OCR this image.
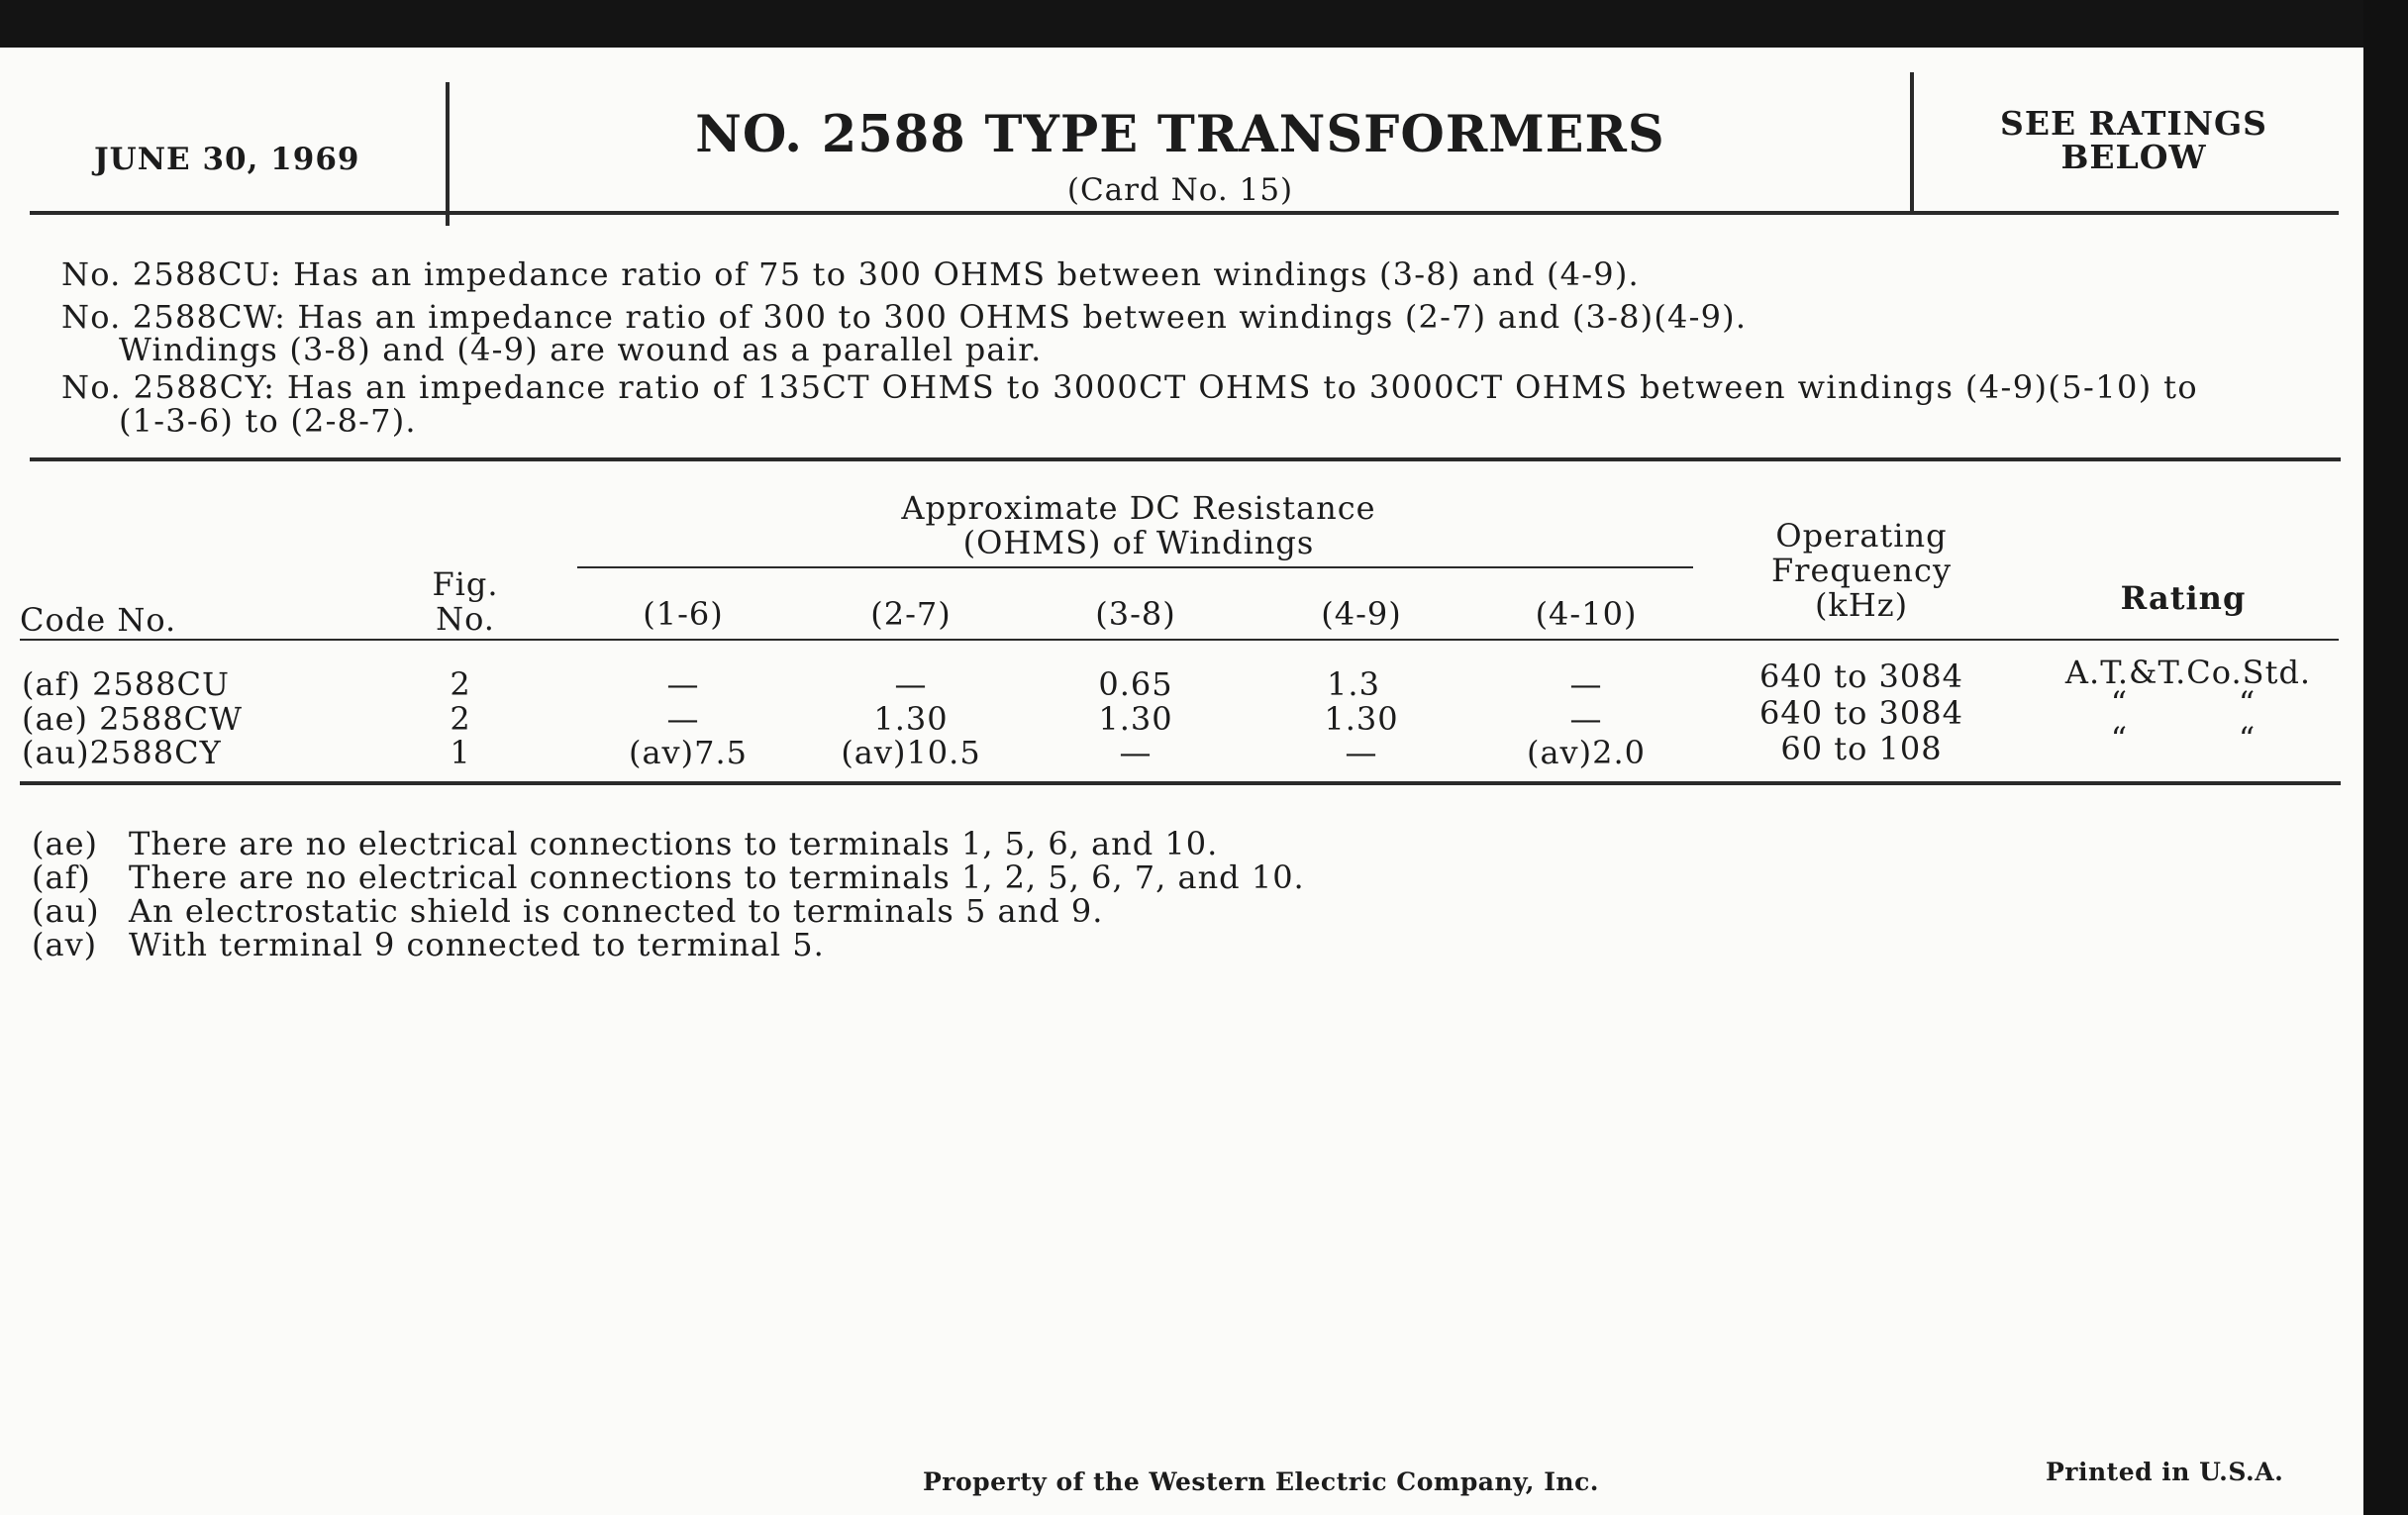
JUNE 30, 1969	NO. 2588 TYPE TRANSFORMERS
(Card No. 15)
SEE RATINGS
BELOW
No. 2588CU: Has an impedance ratio of 75 to 300 OHMS between windings (3-8) and (4-9).
No. 2588CW: Has an impedance ratio of 300 to 300 OHMS between windings (2-7) and (3-8)(4-9).
Windings (3-8) and (4-9) are wound as a parallel pair.
No. 2588CY: Has an impedance ratio of 135CT OHMS to 3000CT OHMS to 3000CT OHMS between windings (4-9)(5-10) to
(1-3-6) to (2-8-7).
Approximate DC Resistance
(OHMS) of Windings
Code No.
Fig.
No.	(1-6)	(2-7)	(3-8)	(4-9)	(4-10)
Operating
Frequency
(kHz)	Rating
(af) 2588CU	2	—	—	0.65	1.3	—	640 to 3084	A.T.&T.Co.Std.
(ae) 2588CW	2	—	1.30	1.30	1.30	—	640 to 3084	“          “
(au)2588CY	1	(av)7.5	(av)10.5	—	—	(av)2.0	60 to 108	“          “
(ae) There are no electrical connections to terminals 1, 5, 6, and 10.
(af) There are no electrical connections to terminals 1, 2, 5, 6, 7, and 10.
(au) An electrostatic shield is connected to terminals 5 and 9.
(av) With terminal 9 connected to terminal 5.
Property of the Western Electric Company, Inc.	Printed in U.S.A.
